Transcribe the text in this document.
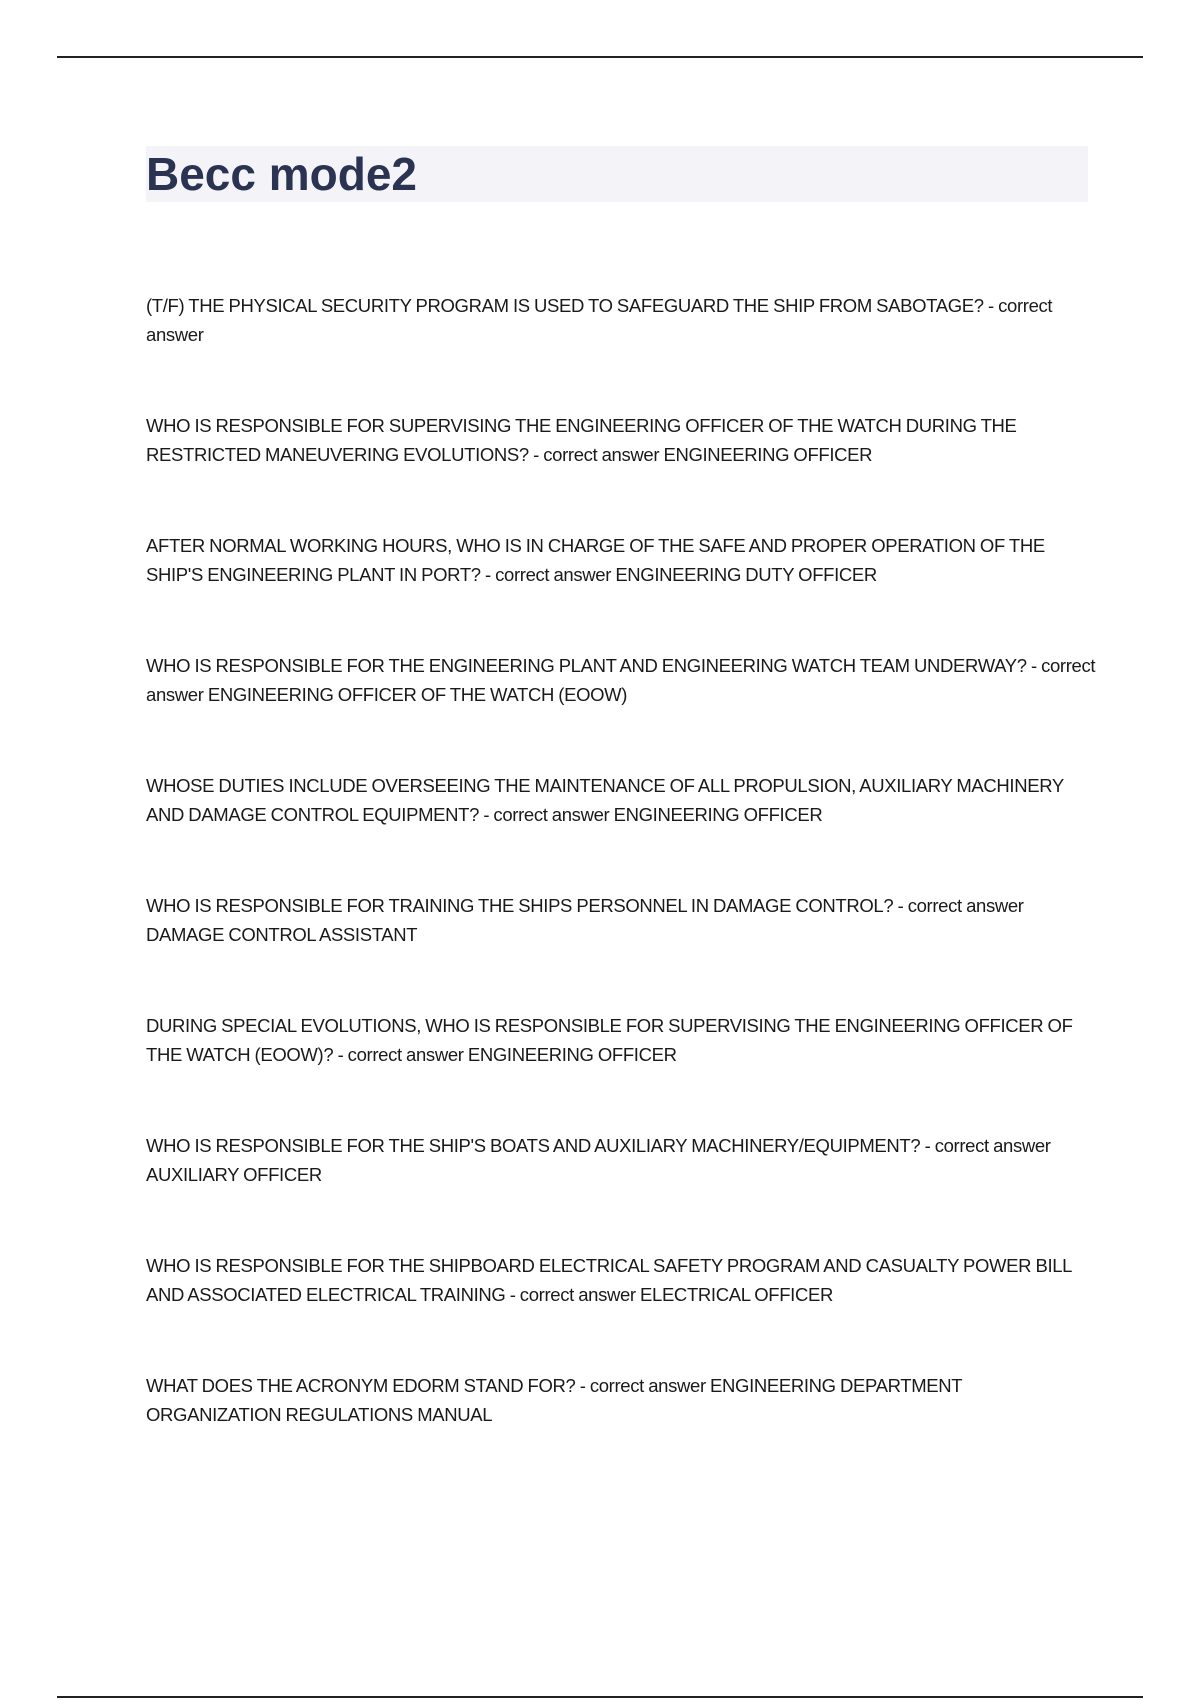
Becc mode2
(T/F) THE PHYSICAL SECURITY PROGRAM IS USED TO SAFEGUARD THE SHIP FROM SABOTAGE? - correct answer
WHO IS RESPONSIBLE FOR SUPERVISING THE ENGINEERING OFFICER OF THE WATCH DURING THE RESTRICTED MANEUVERING EVOLUTIONS? - correct answer ENGINEERING OFFICER
AFTER NORMAL WORKING HOURS, WHO IS IN CHARGE OF THE SAFE AND PROPER OPERATION OF THE SHIP'S ENGINEERING PLANT IN PORT? - correct answer ENGINEERING DUTY OFFICER
WHO IS RESPONSIBLE FOR THE ENGINEERING PLANT AND ENGINEERING WATCH TEAM UNDERWAY? - correct answer ENGINEERING OFFICER OF THE WATCH (EOOW)
WHOSE DUTIES INCLUDE OVERSEEING THE MAINTENANCE OF ALL PROPULSION, AUXILIARY MACHINERY AND DAMAGE CONTROL EQUIPMENT? - correct answer ENGINEERING OFFICER
WHO IS RESPONSIBLE FOR TRAINING THE SHIPS PERSONNEL IN DAMAGE CONTROL? - correct answer DAMAGE CONTROL ASSISTANT
DURING SPECIAL EVOLUTIONS, WHO IS RESPONSIBLE FOR SUPERVISING THE ENGINEERING OFFICER OF THE WATCH (EOOW)? - correct answer ENGINEERING OFFICER
WHO IS RESPONSIBLE FOR THE SHIP'S BOATS AND AUXILIARY MACHINERY/EQUIPMENT? - correct answer AUXILIARY OFFICER
WHO IS RESPONSIBLE FOR THE SHIPBOARD ELECTRICAL SAFETY PROGRAM AND CASUALTY POWER BILL AND ASSOCIATED ELECTRICAL TRAINING - correct answer ELECTRICAL OFFICER
WHAT DOES THE ACRONYM EDORM STAND FOR? - correct answer ENGINEERING DEPARTMENT ORGANIZATION REGULATIONS MANUAL
